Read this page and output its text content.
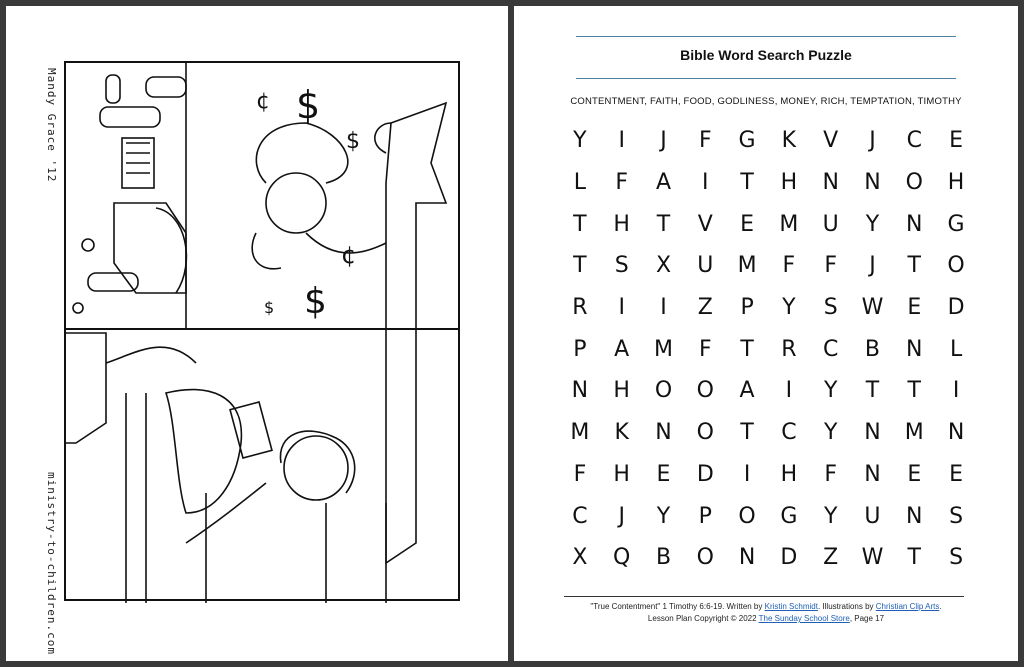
Mandy Grace '12
ministry-to-children.com
$
$
$
$
¢
¢
Bible Word Search Puzzle
CONTENTMENT, FAITH, FOOD, GODLINESS, MONEY, RICH, TEMPTATION, TIMOTHY
Y	I	J	F	G	K	V	J	C	E
L	F	A	I	T	H	N	N	O	H
T	H	T	V	E	M	U	Y	N	G
T	S	X	U	M	F	F	J	T	O
R	I	I	Z	P	Y	S	W	E	D
P	A	M	F	T	R	C	B	N	L
N	H	O	O	A	I	Y	T	T	I
M	K	N	O	T	C	Y	N	M	N
F	H	E	D	I	H	F	N	E	E
C	J	Y	P	O	G	Y	U	N	S
X	Q	B	O	N	D	Z	W	T	S
"True Contentment" 1 Timothy 6:6-19. Written by Kristin Schmidt. Illustrations by Christian Clip Arts.
Lesson Plan Copyright © 2022 The Sunday School Store, Page 17
